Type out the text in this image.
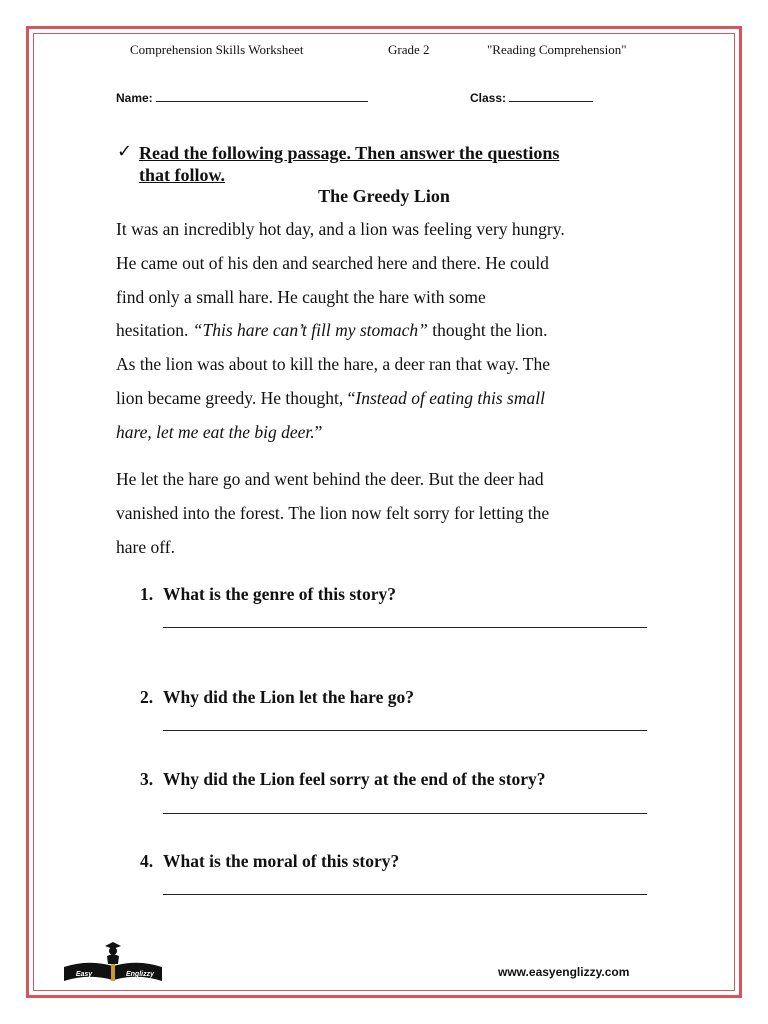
Comprehension Skills Worksheet	Grade 2	"Reading Comprehension"
Name:	Class:
✓ Read the following passage. Then answer the questions
that follow.
The Greedy Lion

It was an incredibly hot day, and a lion was feeling very hungry.

He came out of his den and searched here and there. He could

find only a small hare. He caught the hare with some

hesitation. “This hare can’t fill my stomach” thought the lion.

As the lion was about to kill the hare, a deer ran that way. The

lion became greedy. He thought, “Instead of eating this small

hare, let me eat the big deer.”

He let the hare go and went behind the deer. But the deer had

vanished into the forest. The lion now felt sorry for letting the

hare off.

1. What is the genre of this story?
2. Why did the Lion let the hare go?
3. Why did the Lion feel sorry at the end of the story?
4. What is the moral of this story?
Easy	Englizzy	www.easyenglizzy.com
